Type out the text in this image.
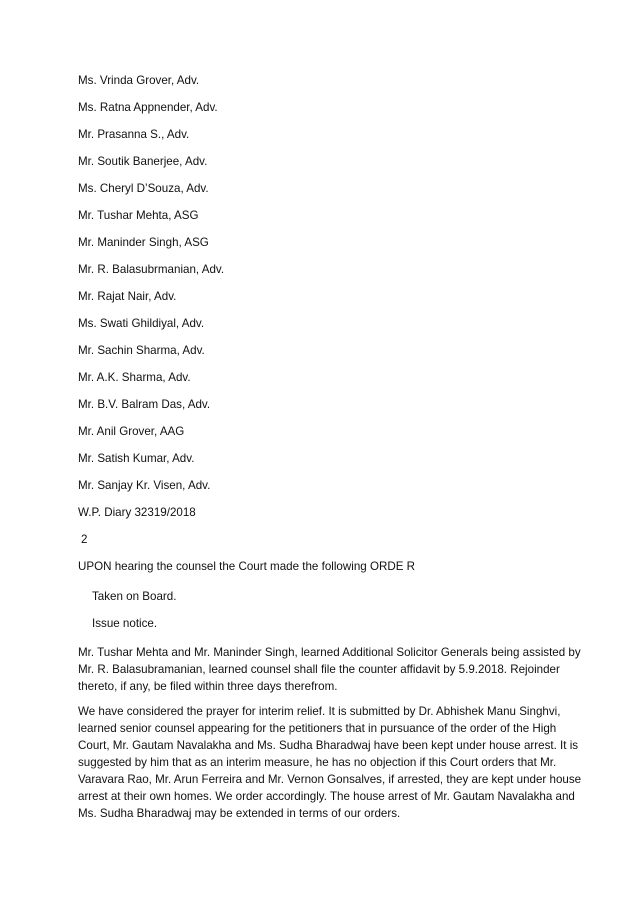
Ms. Vrinda Grover, Adv.

Ms. Ratna Appnender, Adv.

Mr. Prasanna S., Adv.

Mr. Soutik Banerjee, Adv.

Ms. Cheryl D’Souza, Adv.

Mr. Tushar Mehta, ASG

Mr. Maninder Singh, ASG

Mr. R. Balasubrmanian, Adv.

Mr. Rajat Nair, Adv.

Ms. Swati Ghildiyal, Adv.

Mr. Sachin Sharma, Adv.

Mr. A.K. Sharma, Adv.

Mr. B.V. Balram Das, Adv.

Mr. Anil Grover, AAG

Mr. Satish Kumar, Adv.

Mr. Sanjay Kr. Visen, Adv.

W.P. Diary 32319/2018

2

UPON hearing the counsel the Court made the following ORDE R

Taken on Board.

Issue notice.

Mr. Tushar Mehta and Mr. Maninder Singh, learned Additional Solicitor Generals being assisted by
Mr. R. Balasubramanian, learned counsel shall file the counter affidavit by 5.9.2018. Rejoinder
thereto, if any, be filed within three days therefrom.
We have considered the prayer for interim relief. It is submitted by Dr. Abhishek Manu Singhvi,
learned senior counsel appearing for the petitioners that in pursuance of the order of the High
Court, Mr. Gautam Navalakha and Ms. Sudha Bharadwaj have been kept under house arrest. It is
suggested by him that as an interim measure, he has no objection if this Court orders that Mr.
Varavara Rao, Mr. Arun Ferreira and Mr. Vernon Gonsalves, if arrested, they are kept under house
arrest at their own homes. We order accordingly. The house arrest of Mr. Gautam Navalakha and
Ms. Sudha Bharadwaj may be extended in terms of our orders.
